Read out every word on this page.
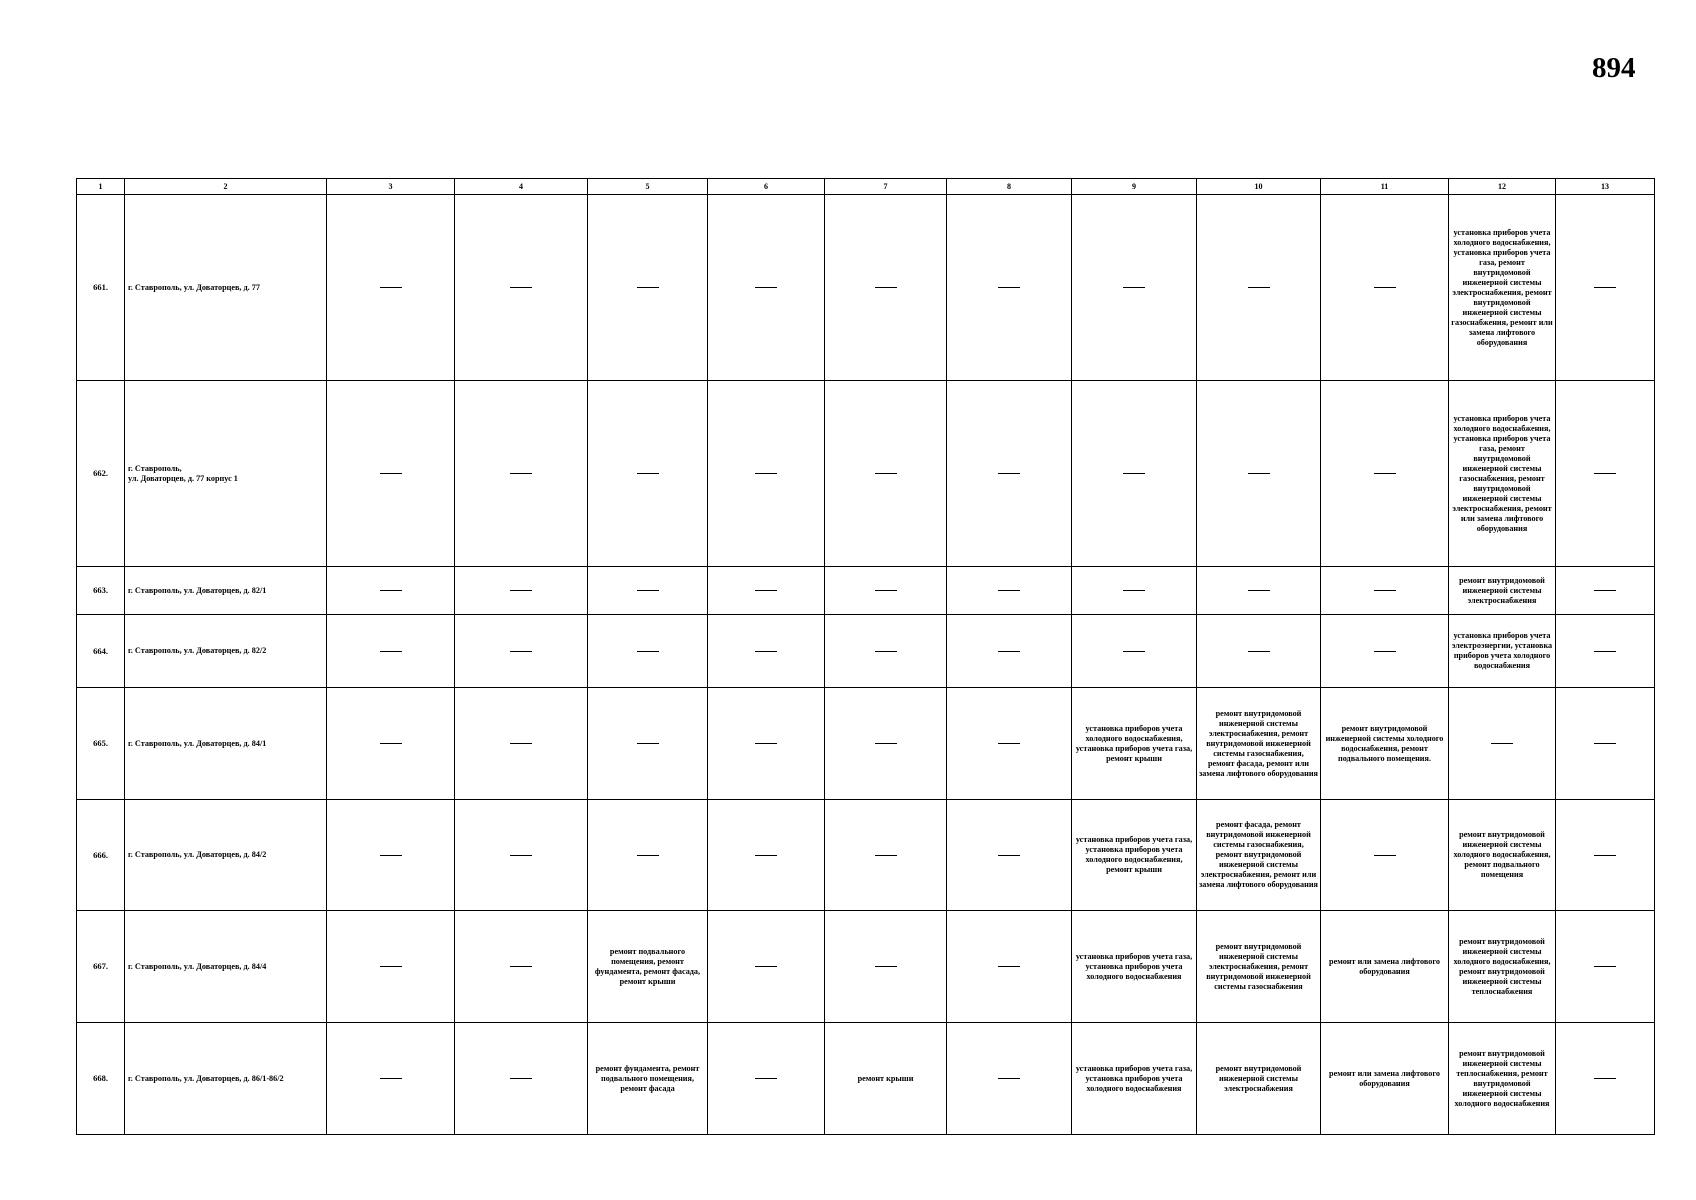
894
1	2	3	4	5	6	7	8	9	10	11	12	13
661.	г. Ставрополь, ул. Доваторцев, д. 77										установка приборов учета холодного водоснабжения, установка приборов учета газа, ремонт внутридомовой инженерной системы электроснабжения, ремонт внутридомовой инженерной системы газоснабжения, ремонт или замена лифтового оборудования	
662.	г. Ставрополь,
ул. Доваторцев, д. 77 корпус 1										установка приборов учета холодного водоснабжения, установка приборов учета газа, ремонт внутридомовой инженерной системы газоснабжения, ремонт внутридомовой инженерной системы электроснабжения, ремонт или замена лифтового оборудования	
663.	г. Ставрополь, ул. Доваторцев, д. 82/1										ремонт внутридомовой инженерной системы электроснабжения	
664.	г. Ставрополь, ул. Доваторцев, д. 82/2										установка приборов учета электроэнергии, установка приборов учета холодного водоснабжения	
665.	г. Ставрополь, ул. Доваторцев, д. 84/1							установка приборов учета холодного водоснабжения, установка приборов учета газа, ремонт крыши	ремонт внутридомовой инженерной системы электроснабжения, ремонт внутридомовой инженерной системы газоснабжения, ремонт фасада, ремонт или замена лифтового оборудования	ремонт внутридомовой инженерной системы холодного водоснабжения, ремонт подвального помещения.		
666.	г. Ставрополь, ул. Доваторцев, д. 84/2							установка приборов учета газа, установка приборов учета холодного водоснабжения, ремонт крыши	ремонт фасада, ремонт внутридомовой инженерной системы газоснабжения, ремонт внутридомовой инженерной системы электроснабжения, ремонт или замена лифтового оборудования		ремонт внутридомовой инженерной системы холодного водоснабжения, ремонт подвального помещения	
667.	г. Ставрополь, ул. Доваторцев, д. 84/4			ремонт подвального помещения, ремонт фундамента, ремонт фасада, ремонт крыши				установка приборов учета газа, установка приборов учета холодного водоснабжения	ремонт внутридомовой инженерной системы электроснабжения, ремонт внутридомовой инженерной системы газоснабжения	ремонт или замена лифтового оборудования	ремонт внутридомовой инженерной системы холодного водоснабжения, ремонт внутридомовой инженерной системы теплоснабжения	
668.	г. Ставрополь, ул. Доваторцев, д. 86/1-86/2			ремонт фундамента, ремонт подвального помещения, ремонт фасада		ремонт крыши		установка приборов учета газа, установка приборов учета холодного водоснабжения	ремонт внутридомовой инженерной системы электроснабжения	ремонт или замена лифтового оборудования	ремонт внутридомовой инженерной системы теплоснабжения, ремонт внутридомовой инженерной системы холодного водоснабжения	
